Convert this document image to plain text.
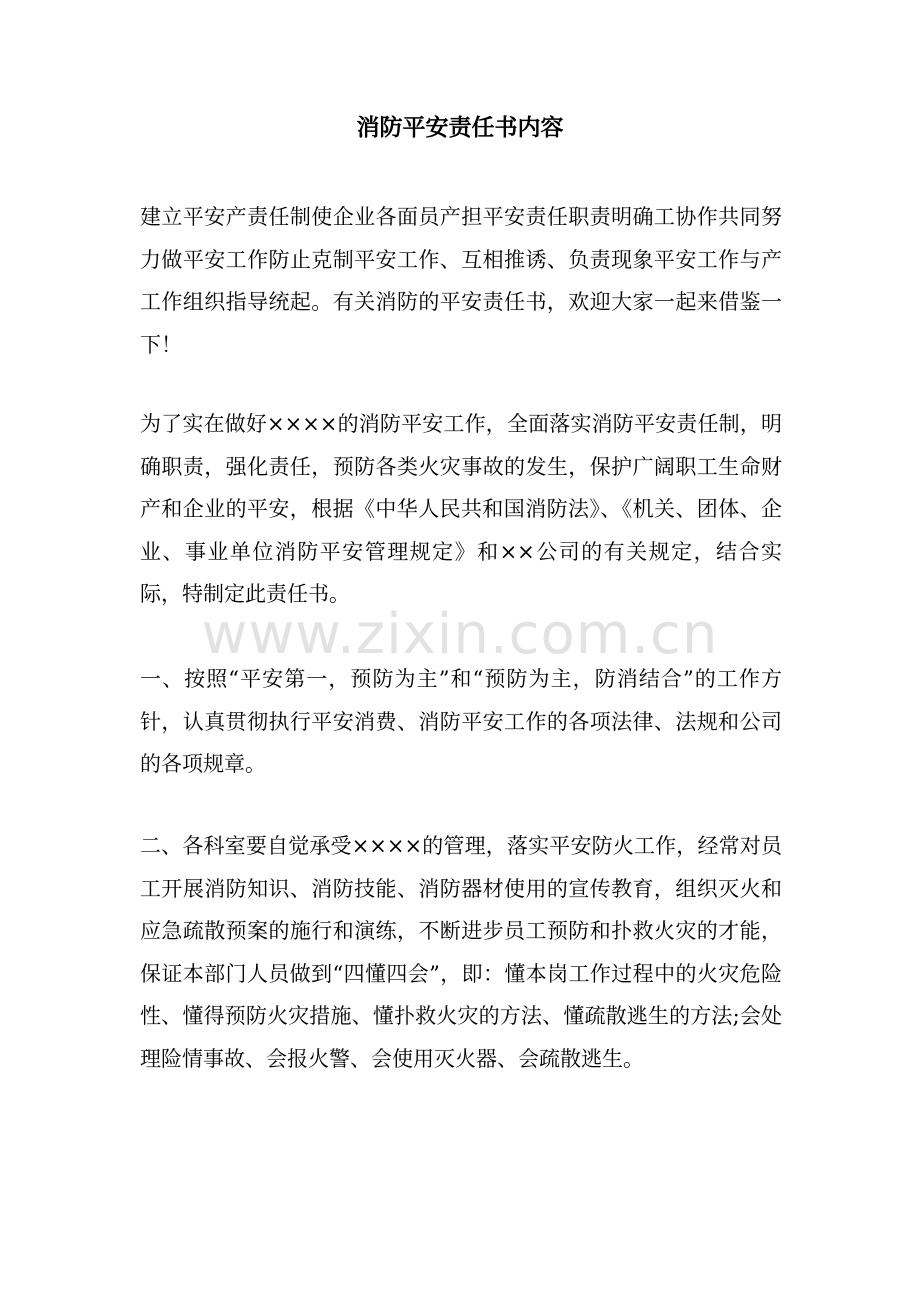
消防平安责任书内容

建立平安产责任制使企业各面员产担平安责任职责明确工协作共同努力做平安工作防止克制平安工作、互相推诱、负责现象平安工作与产工作组织指导统起。有关消防的平安责任书，欢迎大家一起来借鉴一下！

为了实在做好××××的消防平安工作，全面落实消防平安责任制，明确职责，强化责任，预防各类火灾事故的发生，保护广阔职工生命财产和企业的平安，根据《中华人民共和国消防法》、《机关、团体、企业、事业单位消防平安管理规定》和××公司的有关规定，结合实际，特制定此责任书。

一、按照“平安第一，预防为主”和“预防为主，防消结合”的工作方针，认真贯彻执行平安消费、消防平安工作的各项法律、法规和公司的各项规章。

二、各科室要自觉承受××××的管理，落实平安防火工作，经常对员工开展消防知识、消防技能、消防器材使用的宣传教育，组织灭火和应急疏散预案的施行和演练，不断进步员工预防和扑救火灾的才能，保证本部门人员做到“四懂四会”，即：懂本岗工作过程中的火灾危险性、懂得预防火灾措施、懂扑救火灾的方法、懂疏散逃生的方法;会处理险情事故、会报火警、会使用灭火器、会疏散逃生。

www.zixin.com.cn
